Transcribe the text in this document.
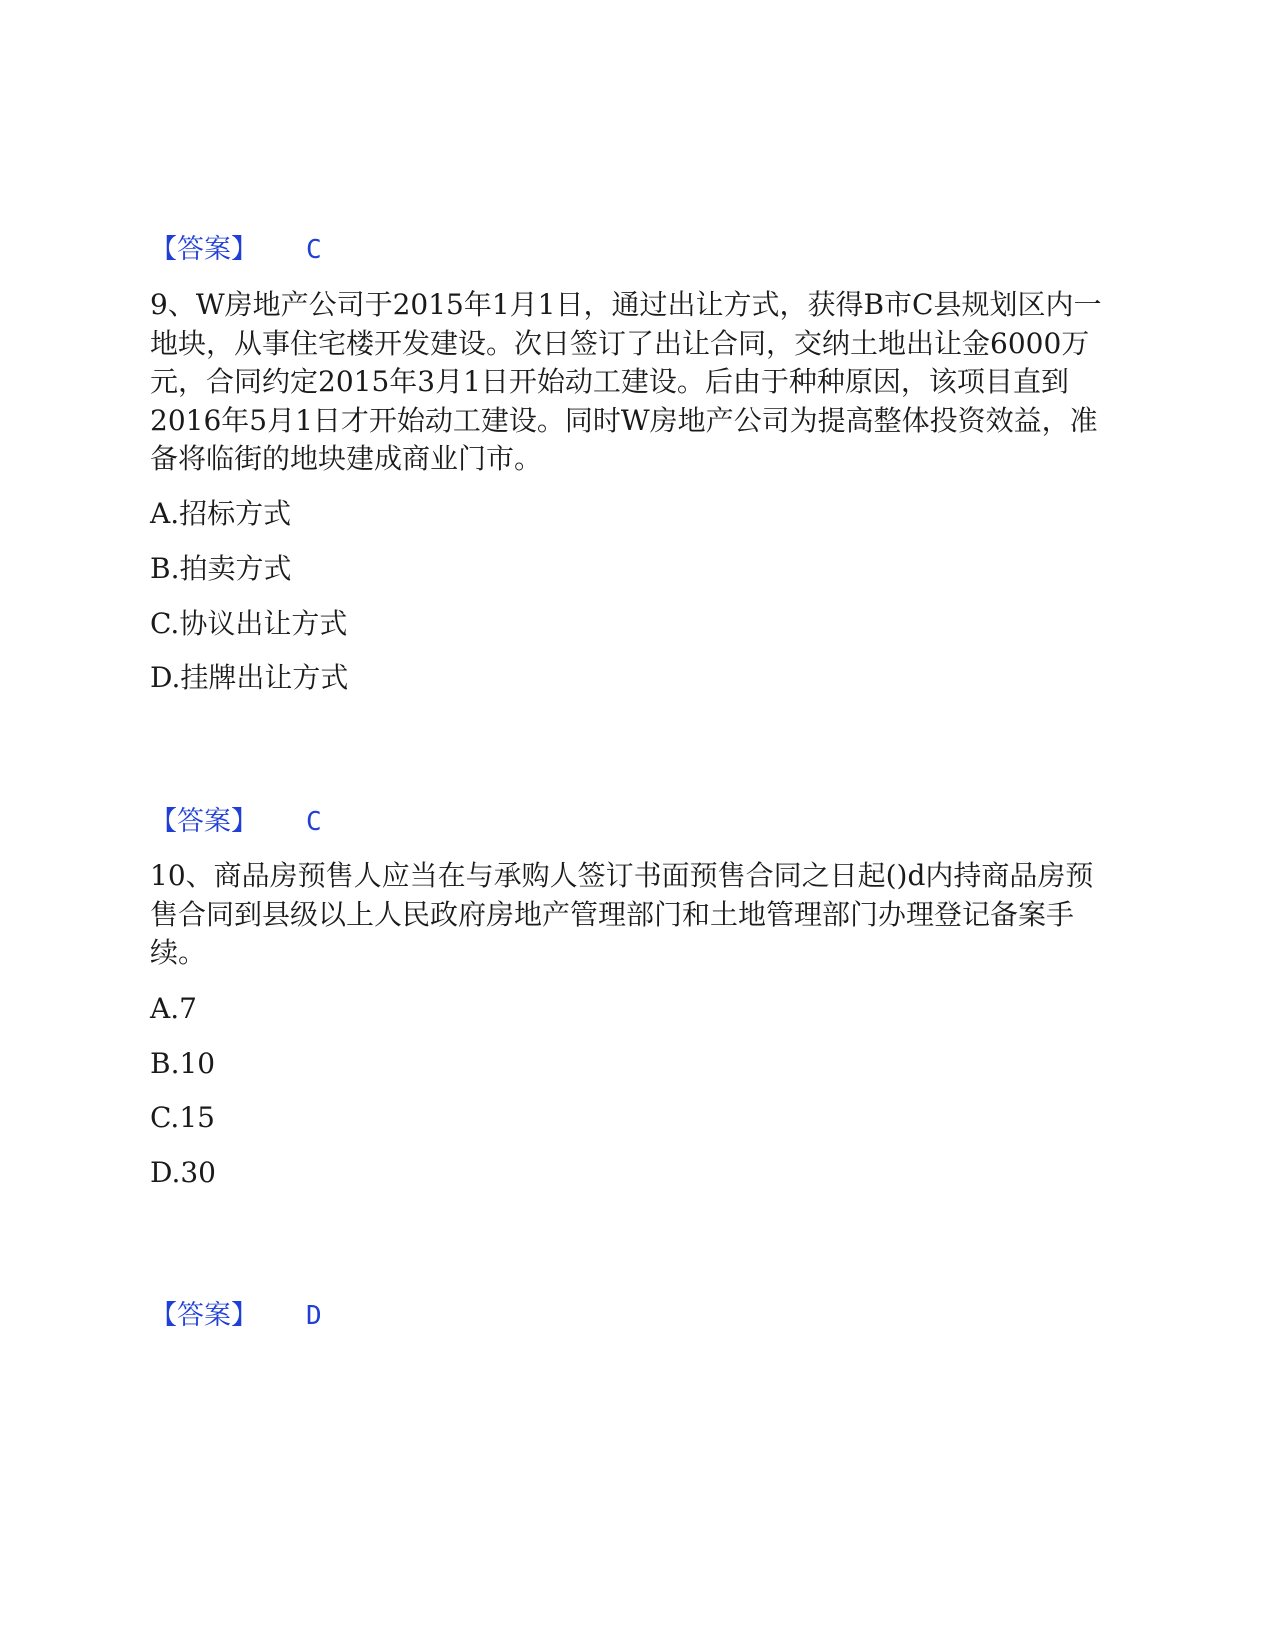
【答案】 C

9、W房地产公司于2015年1月1日，通过出让方式，获得B市C县规划区内一地块，从事住宅楼开发建设。次日签订了出让合同，交纳土地出让金6000万元，合同约定2015年3月1日开始动工建设。后由于种种原因，该项目直到2016年5月1日才开始动工建设。同时W房地产公司为提高整体投资效益，准备将临街的地块建成商业门市。

A.招标方式
B.拍卖方式
C.协议出让方式
D.挂牌出让方式
【答案】 C

10、商品房预售人应当在与承购人签订书面预售合同之日起()d内持商品房预售合同到县级以上人民政府房地产管理部门和土地管理部门办理登记备案手续。

A.7
B.10
C.15
D.30
【答案】 D
